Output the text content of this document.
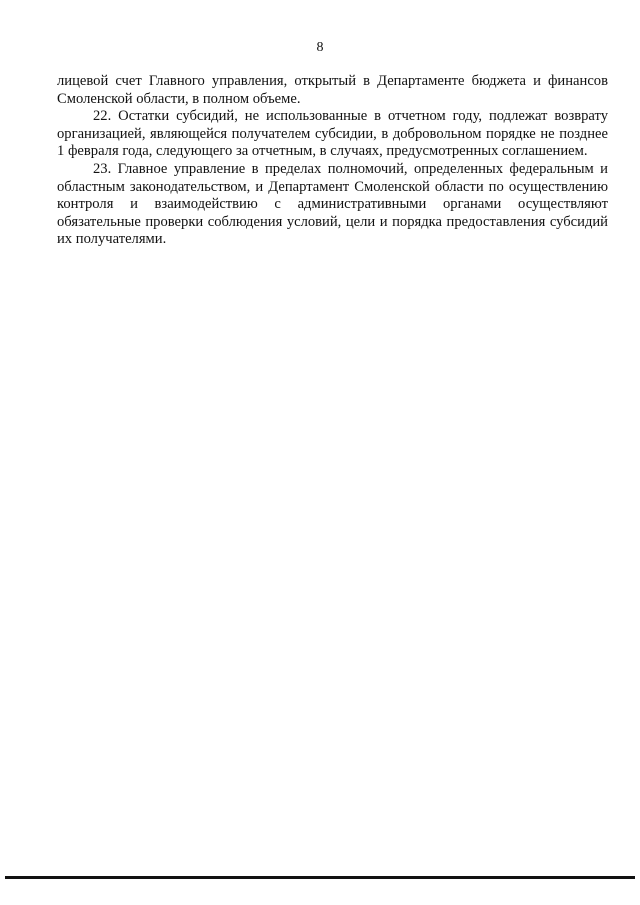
8

лицевой счет Главного управления, открытый в Департаменте бюджета и финансов Смоленской области, в полном объеме.

22. Остатки субсидий, не использованные в отчетном году, подлежат возврату организацией, являющейся получателем субсидии, в добровольном порядке не позднее 1 февраля года, следующего за отчетным, в случаях, предусмотренных соглашением.

23. Главное управление в пределах полномочий, определенных федеральным и областным законодательством, и Департамент Смоленской области по осуществлению контроля и взаимодействию с административными органами осуществляют обязательные проверки соблюдения условий, цели и порядка предоставления субсидий их получателями.
